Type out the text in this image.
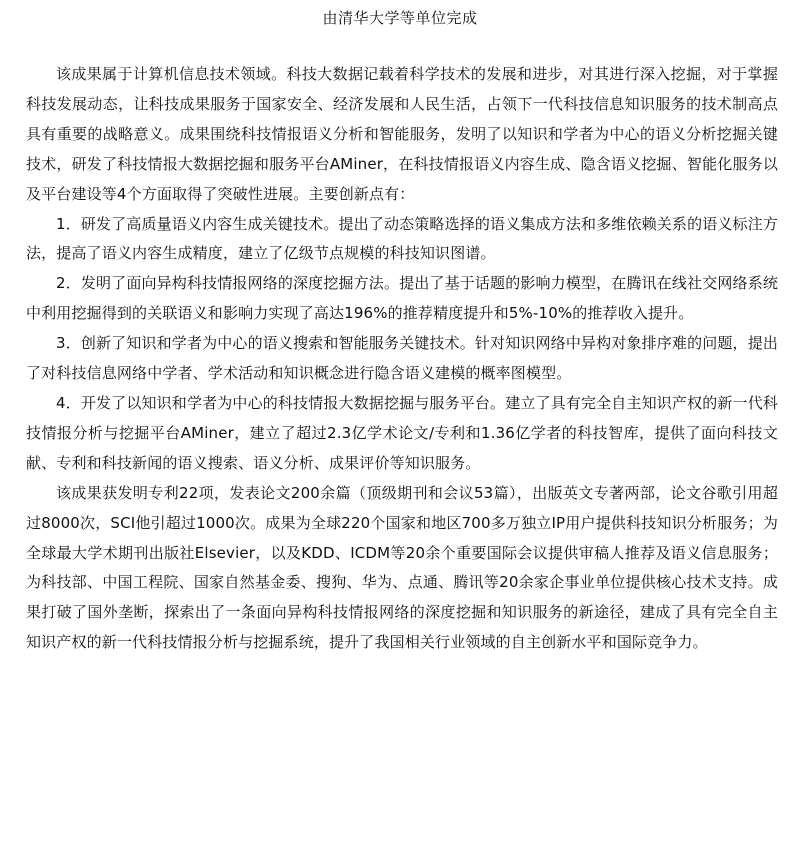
由清华大学等单位完成

该成果属于计算机信息技术领域。科技大数据记载着科学技术的发展和进步，对其进行深入挖掘，对于掌握科技发展动态，让科技成果服务于国家安全、经济发展和人民生活，占领下一代科技信息知识服务的技术制高点具有重要的战略意义。成果围绕科技情报语义分析和智能服务，发明了以知识和学者为中心的语义分析挖掘关键技术，研发了科技情报大数据挖掘和服务平台AMiner，在科技情报语义内容生成、隐含语义挖掘、智能化服务以及平台建设等4个方面取得了突破性进展。主要创新点有：

1．研发了高质量语义内容生成关键技术。提出了动态策略选择的语义集成方法和多维依赖关系的语义标注方法，提高了语义内容生成精度，建立了亿级节点规模的科技知识图谱。

2．发明了面向异构科技情报网络的深度挖掘方法。提出了基于话题的影响力模型，在腾讯在线社交网络系统中利用挖掘得到的关联语义和影响力实现了高达196%的推荐精度提升和5%-10%的推荐收入提升。

3．创新了知识和学者为中心的语义搜索和智能服务关键技术。针对知识网络中异构对象排序难的问题，提出了对科技信息网络中学者、学术活动和知识概念进行隐含语义建模的概率图模型。

4．开发了以知识和学者为中心的科技情报大数据挖掘与服务平台。建立了具有完全自主知识产权的新一代科技情报分析与挖掘平台AMiner，建立了超过2.3亿学术论文/专利和1.36亿学者的科技智库，提供了面向科技文献、专利和科技新闻的语义搜索、语义分析、成果评价等知识服务。

该成果获发明专利22项，发表论文200余篇（顶级期刊和会议53篇），出版英文专著两部，论文谷歌引用超过8000次，SCI他引超过1000次。成果为全球220个国家和地区700多万独立IP用户提供科技知识分析服务；为全球最大学术期刊出版社Elsevier，以及KDD、ICDM等20余个重要国际会议提供审稿人推荐及语义信息服务；为科技部、中国工程院、国家自然基金委、搜狗、华为、点通、腾讯等20余家企事业单位提供核心技术支持。成果打破了国外垄断，探索出了一条面向异构科技情报网络的深度挖掘和知识服务的新途径，建成了具有完全自主知识产权的新一代科技情报分析与挖掘系统，提升了我国相关行业领域的自主创新水平和国际竞争力。
